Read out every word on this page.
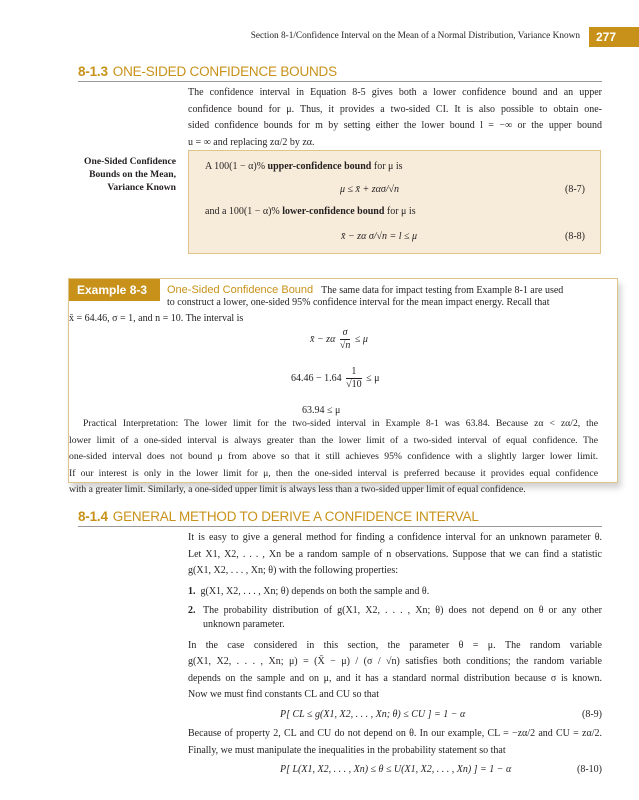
Section 8-1/Confidence Interval on the Mean of a Normal Distribution, Variance Known	277
8-1.3 ONE-SIDED CONFIDENCE BOUNDS
The confidence interval in Equation 8-5 gives both a lower confidence bound and an upper
confidence bound for μ. Thus, it provides a two-sided CI. It is also possible to obtain one-
sided confidence bounds for m by setting either the lower bound l = −∞ or the upper bound
u = ∞ and replacing zα/2 by zα.
One-Sided Confidence
Bounds on the Mean,
Variance Known
A 100(1 − α)% upper-confidence bound for μ is
μ ≤ x̄ + zασ/√n	(8-7)
and a 100(1 − α)% lower-confidence bound for μ is
x̄ − zα σ/√n = l ≤ μ	(8-8)
Example 8-3	One-Sided Confidence Bound The same data for impact testing from Example 8-1 are used
to construct a lower, one-sided 95% confidence interval for the mean impact energy. Recall that
x̄ = 64.46, σ = 1, and n = 10. The interval is
x̄ − zα $\frac{\sigma}{√n} \le \mu$
$64.46 - 1.64 \frac{1}{√10} \le \mu$
63.94 ≤ μ
Practical Interpretation: The lower limit for the two-sided interval in Example 8-1 was 63.84. Because zα < zα/2, the
lower limit of a one-sided interval is always greater than the lower limit of a two-sided interval of equal confidence. The
one-sided interval does not bound μ from above so that it still achieves 95% confidence with a slightly larger lower limit.
If our interest is only in the lower limit for μ, then the one-sided interval is preferred because it provides equal confidence
with a greater limit. Similarly, a one-sided upper limit is always less than a two-sided upper limit of equal confidence.
8-1.4 GENERAL METHOD TO DERIVE A CONFIDENCE INTERVAL
It is easy to give a general method for finding a confidence interval for an unknown parameter θ.
Let X1, X2, . . . , Xn be a random sample of n observations. Suppose that we can find a statistic
g(X1, X2, . . . , Xn; θ) with the following properties:
1. g(X1, X2, . . . , Xn; θ) depends on both the sample and θ.
2. The probability distribution of g(X1, X2, . . . , Xn; θ) does not depend on θ or any other
unknown parameter.
In the case considered in this section, the parameter θ = μ. The random variable
g(X1, X2, . . . , Xn; μ) = (X̄ − μ) / (σ / √n) satisfies both conditions; the random variable
depends on the sample and on μ, and it has a standard normal distribution because σ is known.
Now we must find constants CL and CU so that
P[ CL ≤ g(X1, X2, . . . , Xn; θ) ≤ CU ] = 1 − α	(8-9)
Because of property 2, CL and CU do not depend on θ. In our example, CL = −zα/2 and CU = zα/2.
Finally, we must manipulate the inequalities in the probability statement so that
P[ L(X1, X2, . . . , Xn) ≤ θ ≤ U(X1, X2, . . . , Xn) ] = 1 − α	(8-10)
